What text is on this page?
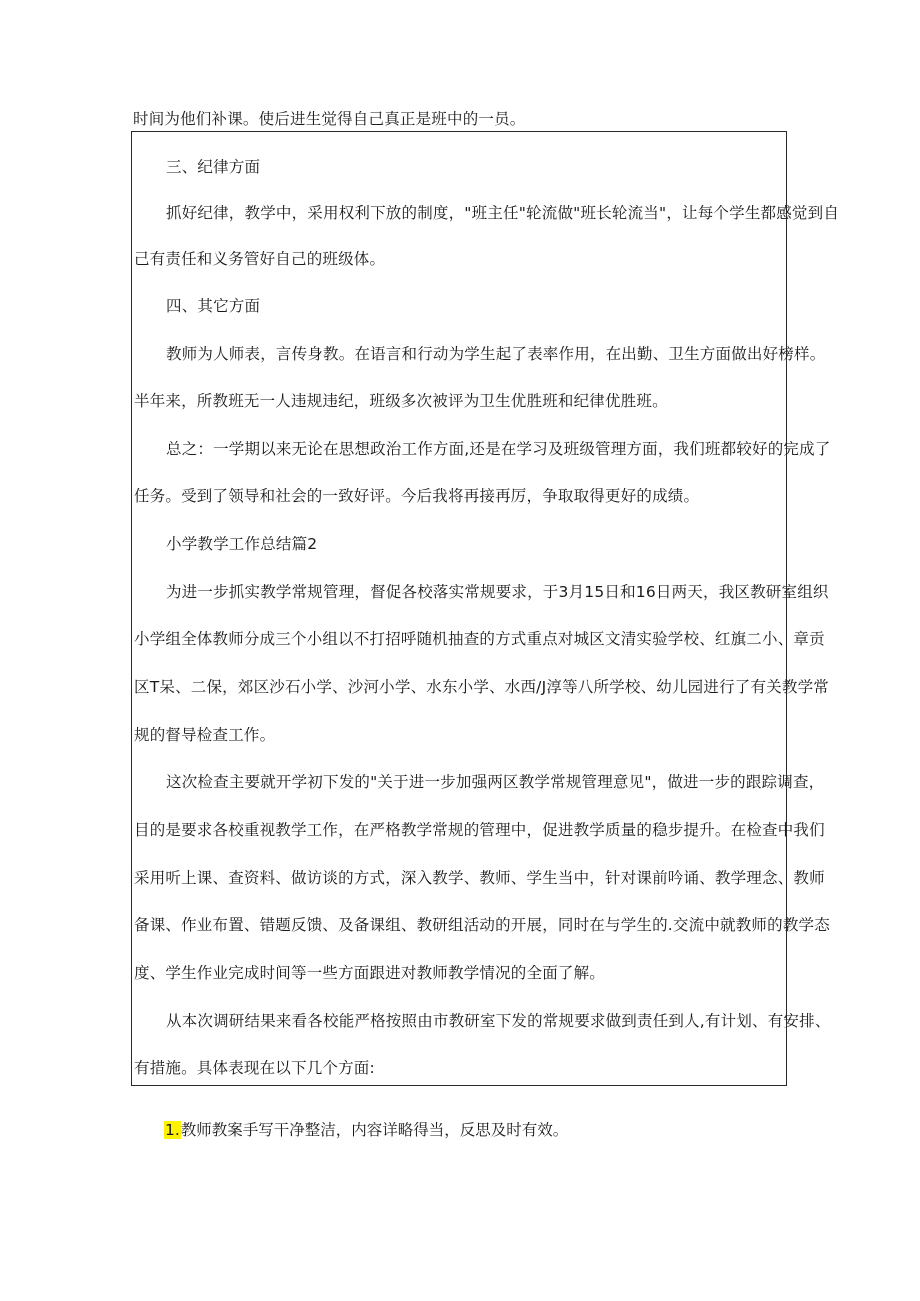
时间为他们补课。使后进生觉得自己真正是班中的一员。
三、纪律方面
抓好纪律，教学中，采用权利下放的制度，"班主任"轮流做"班长轮流当"，让每个学生都感觉到自
己有责任和义务管好自己的班级体。
四、其它方面
教师为人师表，言传身教。在语言和行动为学生起了表率作用，在出勤、卫生方面做出好榜样。
半年来，所教班无一人违规违纪，班级多次被评为卫生优胜班和纪律优胜班。
总之：一学期以来无论在思想政治工作方面,还是在学习及班级管理方面，我们班都较好的完成了
任务。受到了领导和社会的一致好评。今后我将再接再厉，争取取得更好的成绩。
小学教学工作总结篇2
为进一步抓实教学常规管理，督促各校落实常规要求，于3月15日和16日两天，我区教研室组织
小学组全体教师分成三个小组以不打招呼随机抽查的方式重点对城区文清实验学校、红旗二小、章贡
区T呆、二保，郊区沙石小学、沙河小学、水东小学、水西/J淳等八所学校、幼儿园进行了有关教学常
规的督导检查工作。
这次检查主要就开学初下发的"关于进一步加强两区教学常规管理意见"，做进一步的跟踪调查，
目的是要求各校重视教学工作，在严格教学常规的管理中，促进教学质量的稳步提升。在检查中我们
采用听上课、查资料、做访谈的方式，深入教学、教师、学生当中，针对课前吟诵、教学理念、教师
备课、作业布置、错题反馈、及备课组、教研组活动的开展，同时在与学生的.交流中就教师的教学态
度、学生作业完成时间等一些方面跟进对教师教学情况的全面了解。
从本次调研结果来看各校能严格按照由市教研室下发的常规要求做到责任到人,有计划、有安排、
有措施。具体表现在以下几个方面:
1.教师教案手写干净整洁，内容详略得当，反思及时有效。
